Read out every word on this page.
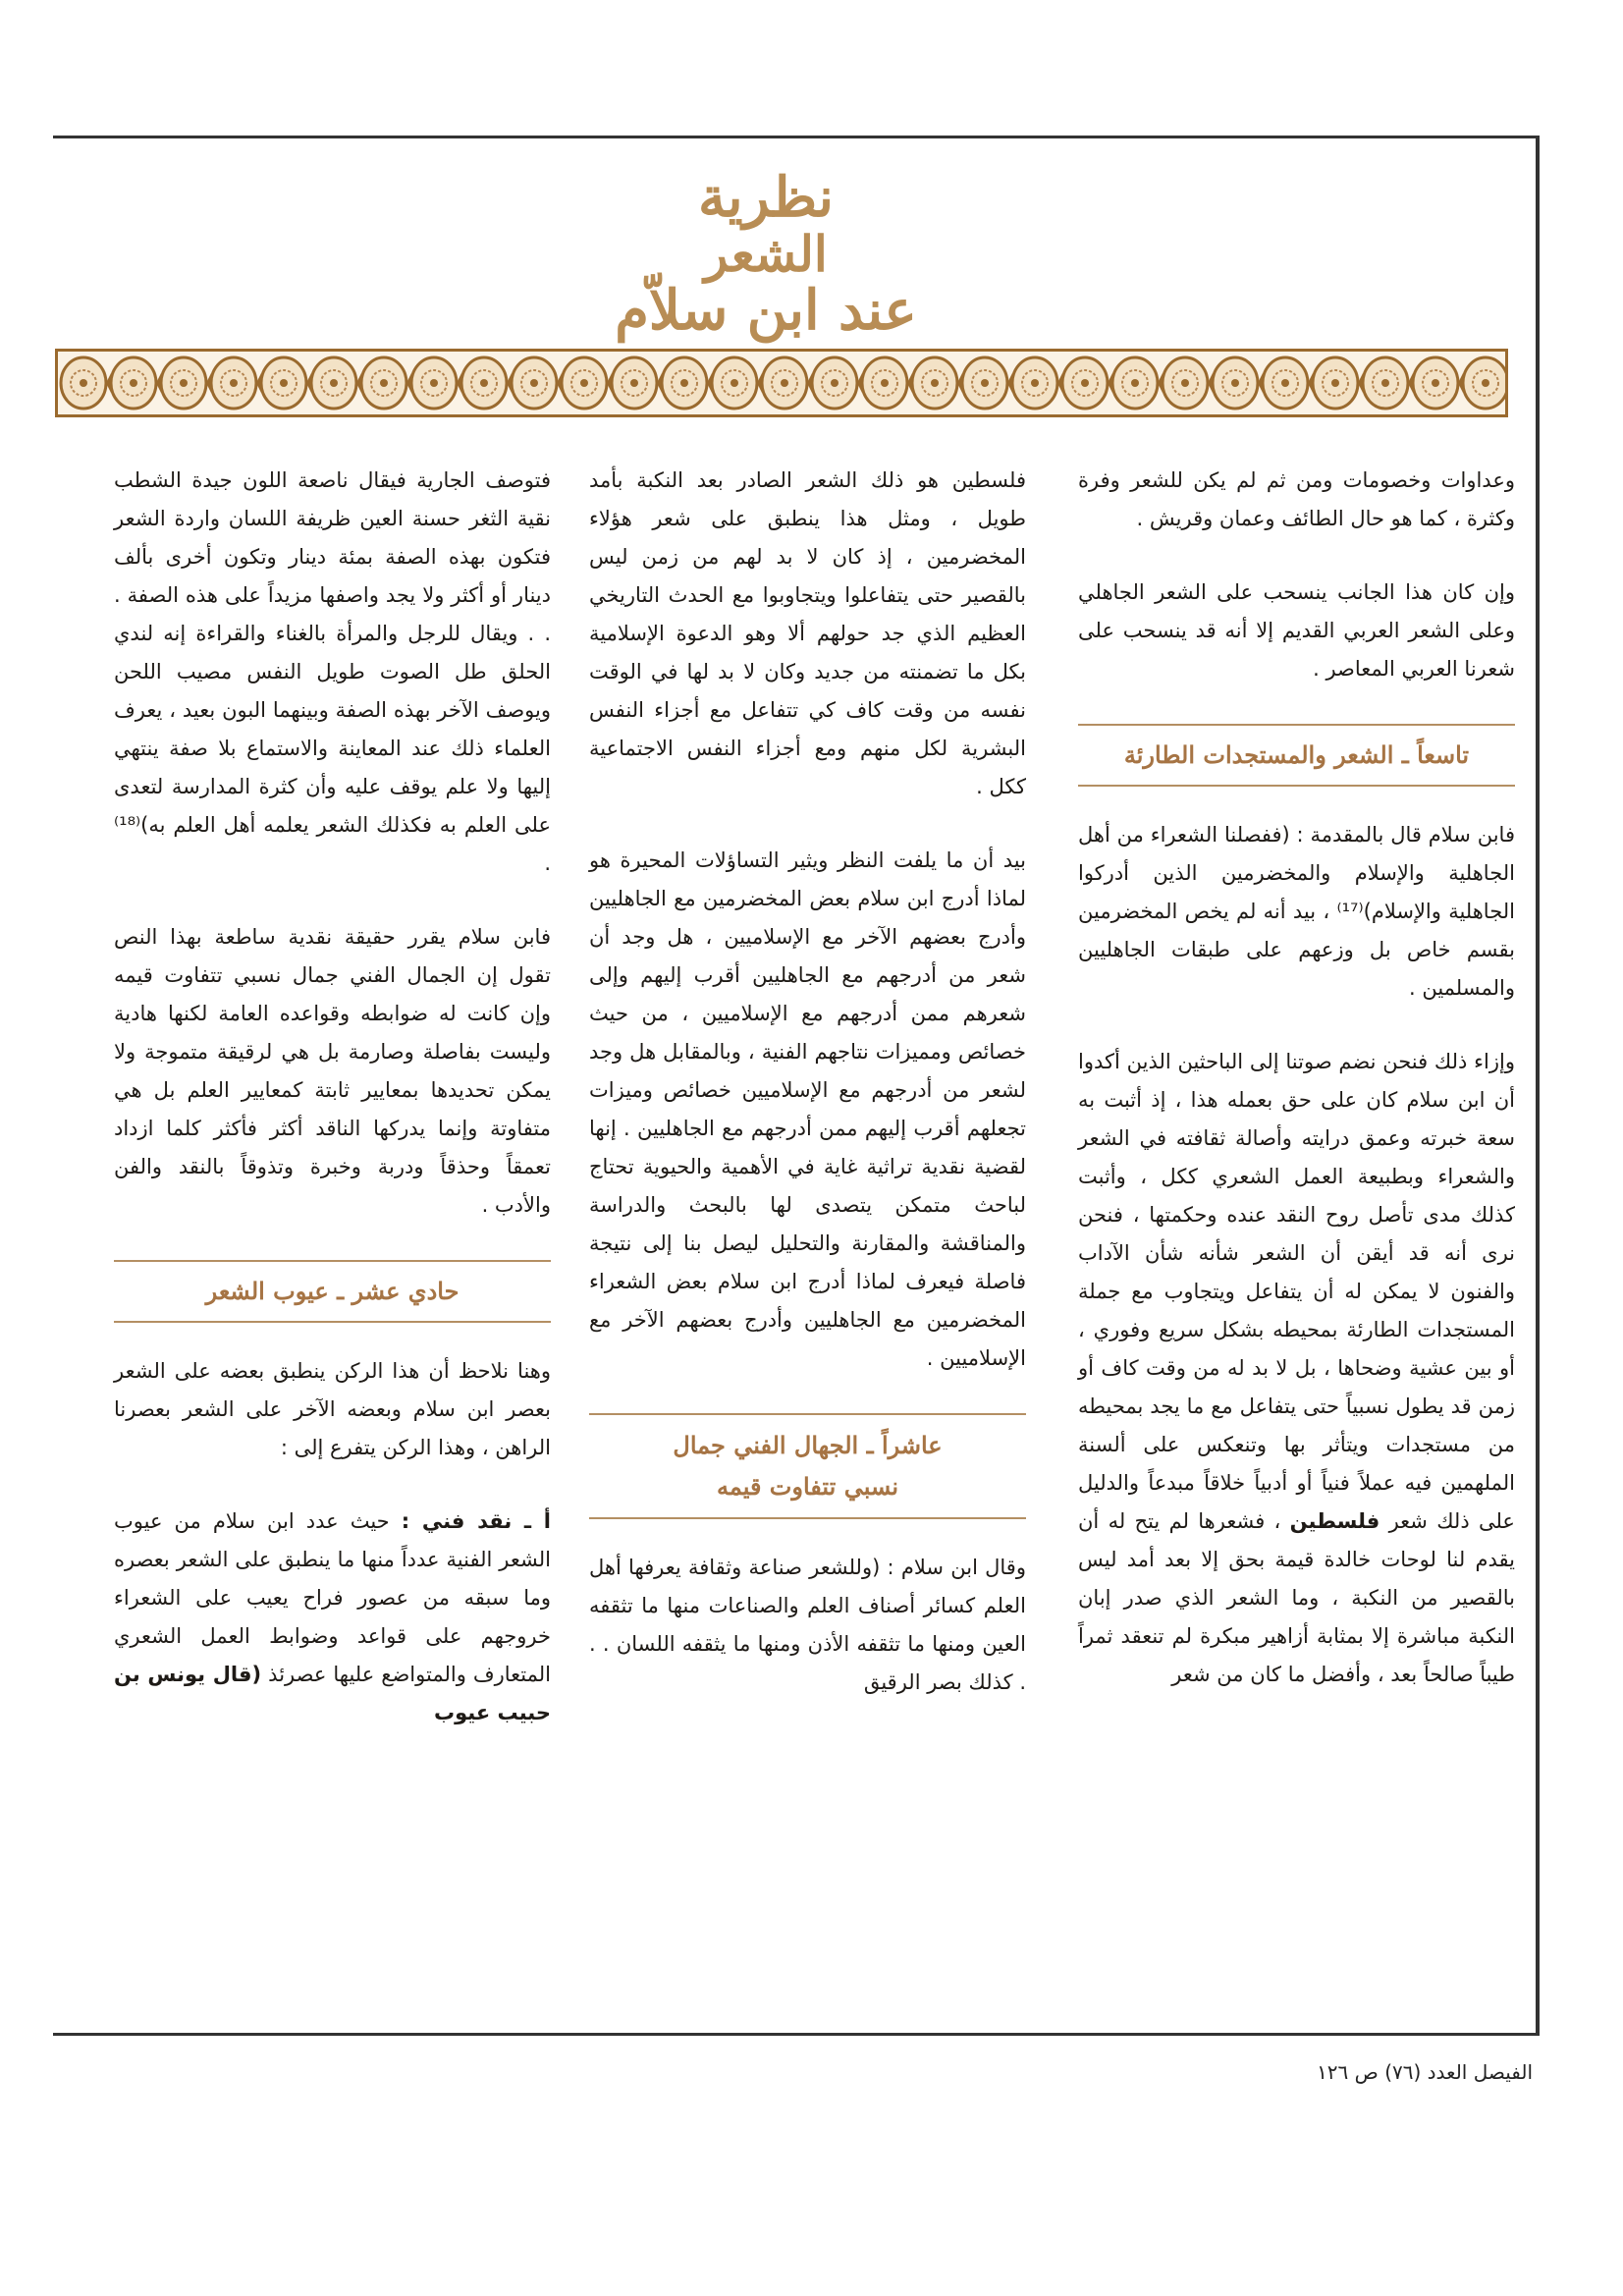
نظرية
الشعر
عند ابن سلاّم

وعداوات وخصومات ومن ثم لم يكن للشعر وفرة وكثرة ، كما هو حال الطائف وعمان وقريش .

وإن كان هذا الجانب ينسحب على الشعر الجاهلي وعلى الشعر العربي القديم إلا أنه قد ينسحب على شعرنا العربي المعاصر .

تاسعاً ـ الشعر والمستجدات الطارئة

فابن سلام قال بالمقدمة : (ففصلنا الشعراء من أهل الجاهلية والإسلام والمخضرمين الذين أدركوا الجاهلية والإسلام)⁽¹⁷⁾ ، بيد أنه لم يخص المخضرمين بقسم خاص بل وزعهم على طبقات الجاهليين والمسلمين .

وإزاء ذلك فنحن نضم صوتنا إلى الباحثين الذين أكدوا أن ابن سلام كان على حق بعمله هذا ، إذ أثبت به سعة خبرته وعمق درايته وأصالة ثقافته في الشعر والشعراء وبطبيعة العمل الشعري ككل ، وأثبت كذلك مدى تأصل روح النقد عنده وحكمتها ، فنحن نرى أنه قد أيقن أن الشعر شأنه شأن الآداب والفنون لا يمكن له أن يتفاعل ويتجاوب مع جملة المستجدات الطارئة بمحيطه بشكل سريع وفوري ، أو بين عشية وضحاها ، بل لا بد له من وقت كاف أو زمن قد يطول نسبياً حتى يتفاعل مع ما يجد بمحيطه من مستجدات ويتأثر بها وتنعكس على ألسنة الملهمين فيه عملاً فنياً أو أدبياً خلاقاً مبدعاً والدليل على ذلك شعر فلسطين ، فشعرها لم يتح له أن يقدم لنا لوحات خالدة قيمة بحق إلا بعد أمد ليس بالقصير من النكبة ، وما الشعر الذي صدر إبان النكبة مباشرة إلا بمثابة أزاهير مبكرة لم تنعقد ثمراً طيباً صالحاً بعد ، وأفضل ما كان من شعر

فلسطين هو ذلك الشعر الصادر بعد النكبة بأمد طويل ، ومثل هذا ينطبق على شعر هؤلاء المخضرمين ، إذ كان لا بد لهم من زمن ليس بالقصير حتى يتفاعلوا ويتجاوبوا مع الحدث التاريخي العظيم الذي جد حولهم ألا وهو الدعوة الإسلامية بكل ما تضمنته من جديد وكان لا بد لها في الوقت نفسه من وقت كاف كي تتفاعل مع أجزاء النفس البشرية لكل منهم ومع أجزاء النفس الاجتماعية ككل .

بيد أن ما يلفت النظر ويثير التساؤلات المحيرة هو لماذا أدرج ابن سلام بعض المخضرمين مع الجاهليين وأدرج بعضهم الآخر مع الإسلاميين ، هل وجد أن شعر من أدرجهم مع الجاهليين أقرب إليهم وإلى شعرهم ممن أدرجهم مع الإسلاميين ، من حيث خصائص ومميزات نتاجهم الفنية ، وبالمقابل هل وجد لشعر من أدرجهم مع الإسلاميين خصائص وميزات تجعلهم أقرب إليهم ممن أدرجهم مع الجاهليين . إنها لقضية نقدية تراثية غاية في الأهمية والحيوية تحتاج لباحث متمكن يتصدى لها بالبحث والدراسة والمناقشة والمقارنة والتحليل ليصل بنا إلى نتيجة فاصلة فيعرف لماذا أدرج ابن سلام بعض الشعراء المخضرمين مع الجاهليين وأدرج بعضهم الآخر مع الإسلاميين .

عاشراً ـ الجهال الفني جمال
نسبي تتفاوت قيمه

وقال ابن سلام : (وللشعر صناعة وثقافة يعرفها أهل العلم كسائر أصناف العلم والصناعات منها ما تثقفه العين ومنها ما تثقفه الأذن ومنها ما يثقفه اللسان . . . كذلك بصر الرقيق

فتوصف الجارية فيقال ناصعة اللون جيدة الشطب نقية الثغر حسنة العين ظريفة اللسان واردة الشعر فتكون بهذه الصفة بمئة دينار وتكون أخرى بألف دينار أو أكثر ولا يجد واصفها مزيداً على هذه الصفة . . . ويقال للرجل والمرأة بالغناء والقراءة إنه لندي الحلق طل الصوت طويل النفس مصيب اللحن ويوصف الآخر بهذه الصفة وبينهما البون بعيد ، يعرف العلماء ذلك عند المعاينة والاستماع بلا صفة ينتهي إليها ولا علم يوقف عليه وأن كثرة المدارسة لتعدى على العلم به فكذلك الشعر يعلمه أهل العلم به)⁽¹⁸⁾ .

فابن سلام يقرر حقيقة نقدية ساطعة بهذا النص تقول إن الجمال الفني جمال نسبي تتفاوت قيمه وإن كانت له ضوابطه وقواعده العامة لكنها هادية وليست بفاصلة وصارمة بل هي لرقيقة متموجة ولا يمكن تحديدها بمعايير ثابتة كمعايير العلم بل هي متفاوتة وإنما يدركها الناقد أكثر فأكثر كلما ازداد تعمقاً وحذقاً ودربة وخبرة وتذوقاً بالنقد والفن والأدب .

حادي عشر ـ عيوب الشعر

وهنا نلاحظ أن هذا الركن ينطبق بعضه على الشعر بعصر ابن سلام وبعضه الآخر على الشعر بعصرنا الراهن ، وهذا الركن يتفرع إلى :

أ ـ نقد فني : حيث عدد ابن سلام من عيوب الشعر الفنية عدداً منها ما ينطبق على الشعر بعصره وما سبقه من عصور فراح يعيب على الشعراء خروجهم على قواعد وضوابط العمل الشعري المتعارف والمتواضع عليها عصرئذ (قال يونس بن حبيب عيوب

الفيصل العدد (٧٦) ص ١٢٦
